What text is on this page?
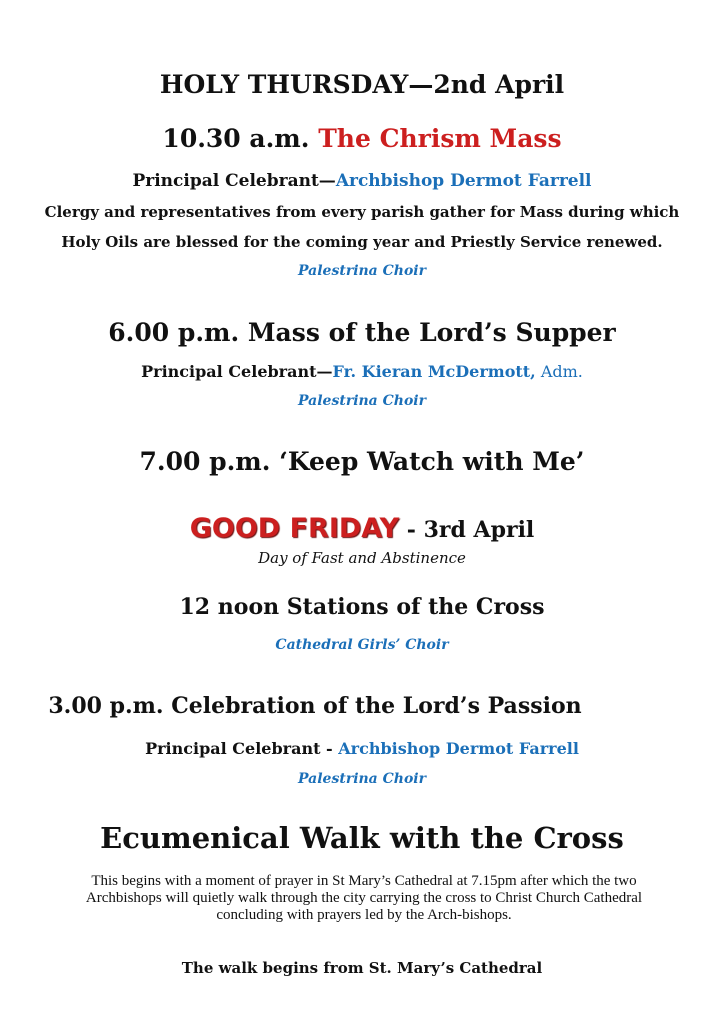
HOLY THURSDAY—2nd April
10.30 a.m. The Chrism Mass
Principal Celebrant—Archbishop Dermot Farrell
Clergy and representatives from every parish gather for Mass during which
Holy Oils are blessed for the coming year and Priestly Service renewed.
Palestrina Choir
6.00 p.m. Mass of the Lord’s Supper
Principal Celebrant—Fr. Kieran McDermott, Adm.
Palestrina Choir
7.00 p.m. ‘Keep Watch with Me’
GOOD FRIDAY - 3rd April
Day of Fast and Abstinence
12 noon Stations of the Cross
Cathedral Girls’ Choir
3.00 p.m. Celebration of the Lord’s Passion
Principal Celebrant - Archbishop Dermot Farrell
Palestrina Choir
Ecumenical Walk with the Cross
This begins with a moment of prayer in St Mary’s Cathedral at 7.15pm after which the two Archbishops will quietly walk through the city carrying the cross to Christ Church Cathedral concluding with prayers led by the Arch-bishops.
The walk begins from St. Mary’s Cathedral
